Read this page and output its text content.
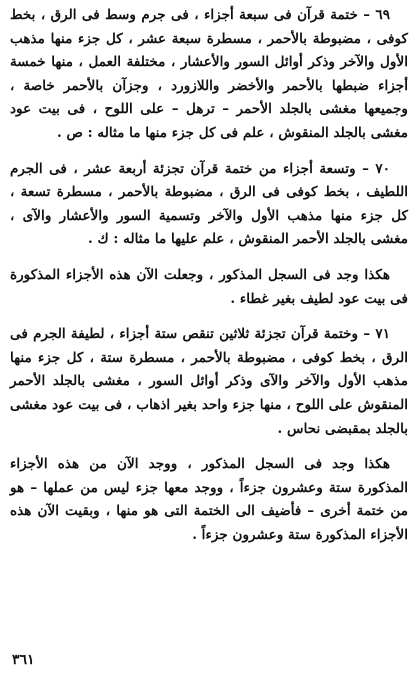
٦٩ – ختمة قرآن فى سبعة أجزاء ، فى جرم وسط فى الرق ، بخط كوفى ، مضبوطة بالأحمر ، مسطرة سبعة عشر ، كل جزء منها مذهب الأول والآخر وذكر أوائل السور والأعشار ، مختلفة العمل ، منها خمسة أجزاء ضبطها بالأحمر والأخضر واللازورد ، وجزآن بالأحمر خاصة ، وجميعها مغشى بالجلد الأحمر – ترهل – على اللوح ، فى بيت عود مغشى بالجلد المنقوش ، علم فى كل جزء منها ما مثاله : ص .

٧٠ – وتسعة أجزاء من ختمة قرآن تجزئة أربعة عشر ، فى الجرم اللطيف ، بخط كوفى فى الرق ، مضبوطة بالأحمر ، مسطرة تسعة ، كل جزء منها مذهب الأول والآخر وتسمية السور والأعشار والآى ، مغشى بالجلد الأحمر المنقوش ، علم عليها ما مثاله : ك .

هكذا وجد فى السجل المذكور ، وجعلت الآن هذه الأجزاء المذكورة فى بيت عود لطيف بغير غطاء .

٧١ – وختمة قرآن تجزئة ثلاثين تنقص ستة أجزاء ، لطيفة الجرم فى الرق ، بخط كوفى ، مضبوطة بالأحمر ، مسطرة ستة ، كل جزء منها مذهب الأول والآخر والآى وذكر أوائل السور ، مغشى بالجلد الأحمر المنقوش على اللوح ، منها جزء واحد بغير اذهاب ، فى بيت عود مغشى بالجلد بمقبضى نحاس .

هكذا وجد فى السجل المذكور ، ووجد الآن من هذه الأجزاء المذكورة ستة وعشرون جزءاً ، ووجد معها جزء ليس من عملها – هو من ختمة أخرى – فأضيف الى الختمة التى هو منها ، وبقيت الآن هذه الأجزاء المذكورة ستة وعشرون جزءاً .

٣٦١
